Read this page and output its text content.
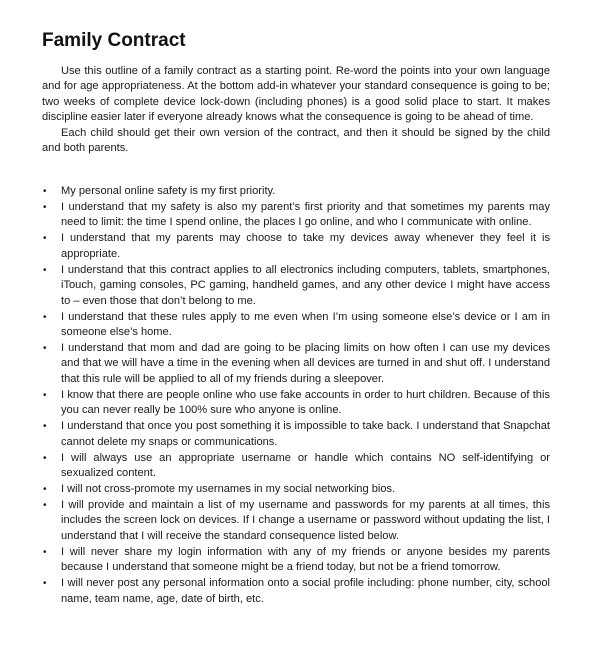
Family Contract

Use this outline of a family contract as a starting point. Re-word the points into your own language and for age appropriateness. At the bottom add-in whatever your standard consequence is going to be; two weeks of complete device lock-down (including phones) is a good solid place to start. It makes discipline easier later if everyone already knows what the consequence is going to be ahead of time.

Each child should get their own version of the contract, and then it should be signed by the child and both parents.

• My personal online safety is my first priority.
• I understand that my safety is also my parent’s first priority and that sometimes my parents may need to limit: the time I spend online, the places I go online, and who I communicate with online.
• I understand that my parents may choose to take my devices away whenever they feel it is appropriate.
• I understand that this contract applies to all electronics including computers, tablets, smartphones, iTouch, gaming consoles, PC gaming, handheld games, and any other device I might have access to – even those that don’t belong to me.
• I understand that these rules apply to me even when I’m using someone else’s device or I am in someone else’s home.
• I understand that mom and dad are going to be placing limits on how often I can use my devices and that we will have a time in the evening when all devices are turned in and shut off. I understand that this rule will be applied to all of my friends during a sleepover.
• I know that there are people online who use fake accounts in order to hurt children. Because of this you can never really be 100% sure who anyone is online.
• I understand that once you post something it is impossible to take back. I understand that Snapchat cannot delete my snaps or communications.
• I will always use an appropriate username or handle which contains NO self-identifying or sexualized content.
• I will not cross-promote my usernames in my social networking bios.
• I will provide and maintain a list of my username and passwords for my parents at all times, this includes the screen lock on devices. If I change a username or password without updating the list, I understand that I will receive the standard consequence listed below.
• I will never share my login information with any of my friends or anyone besides my parents because I understand that someone might be a friend today, but not be a friend tomorrow.
• I will never post any personal information onto a social profile including: phone number, city, school name, team name, age, date of birth, etc.
